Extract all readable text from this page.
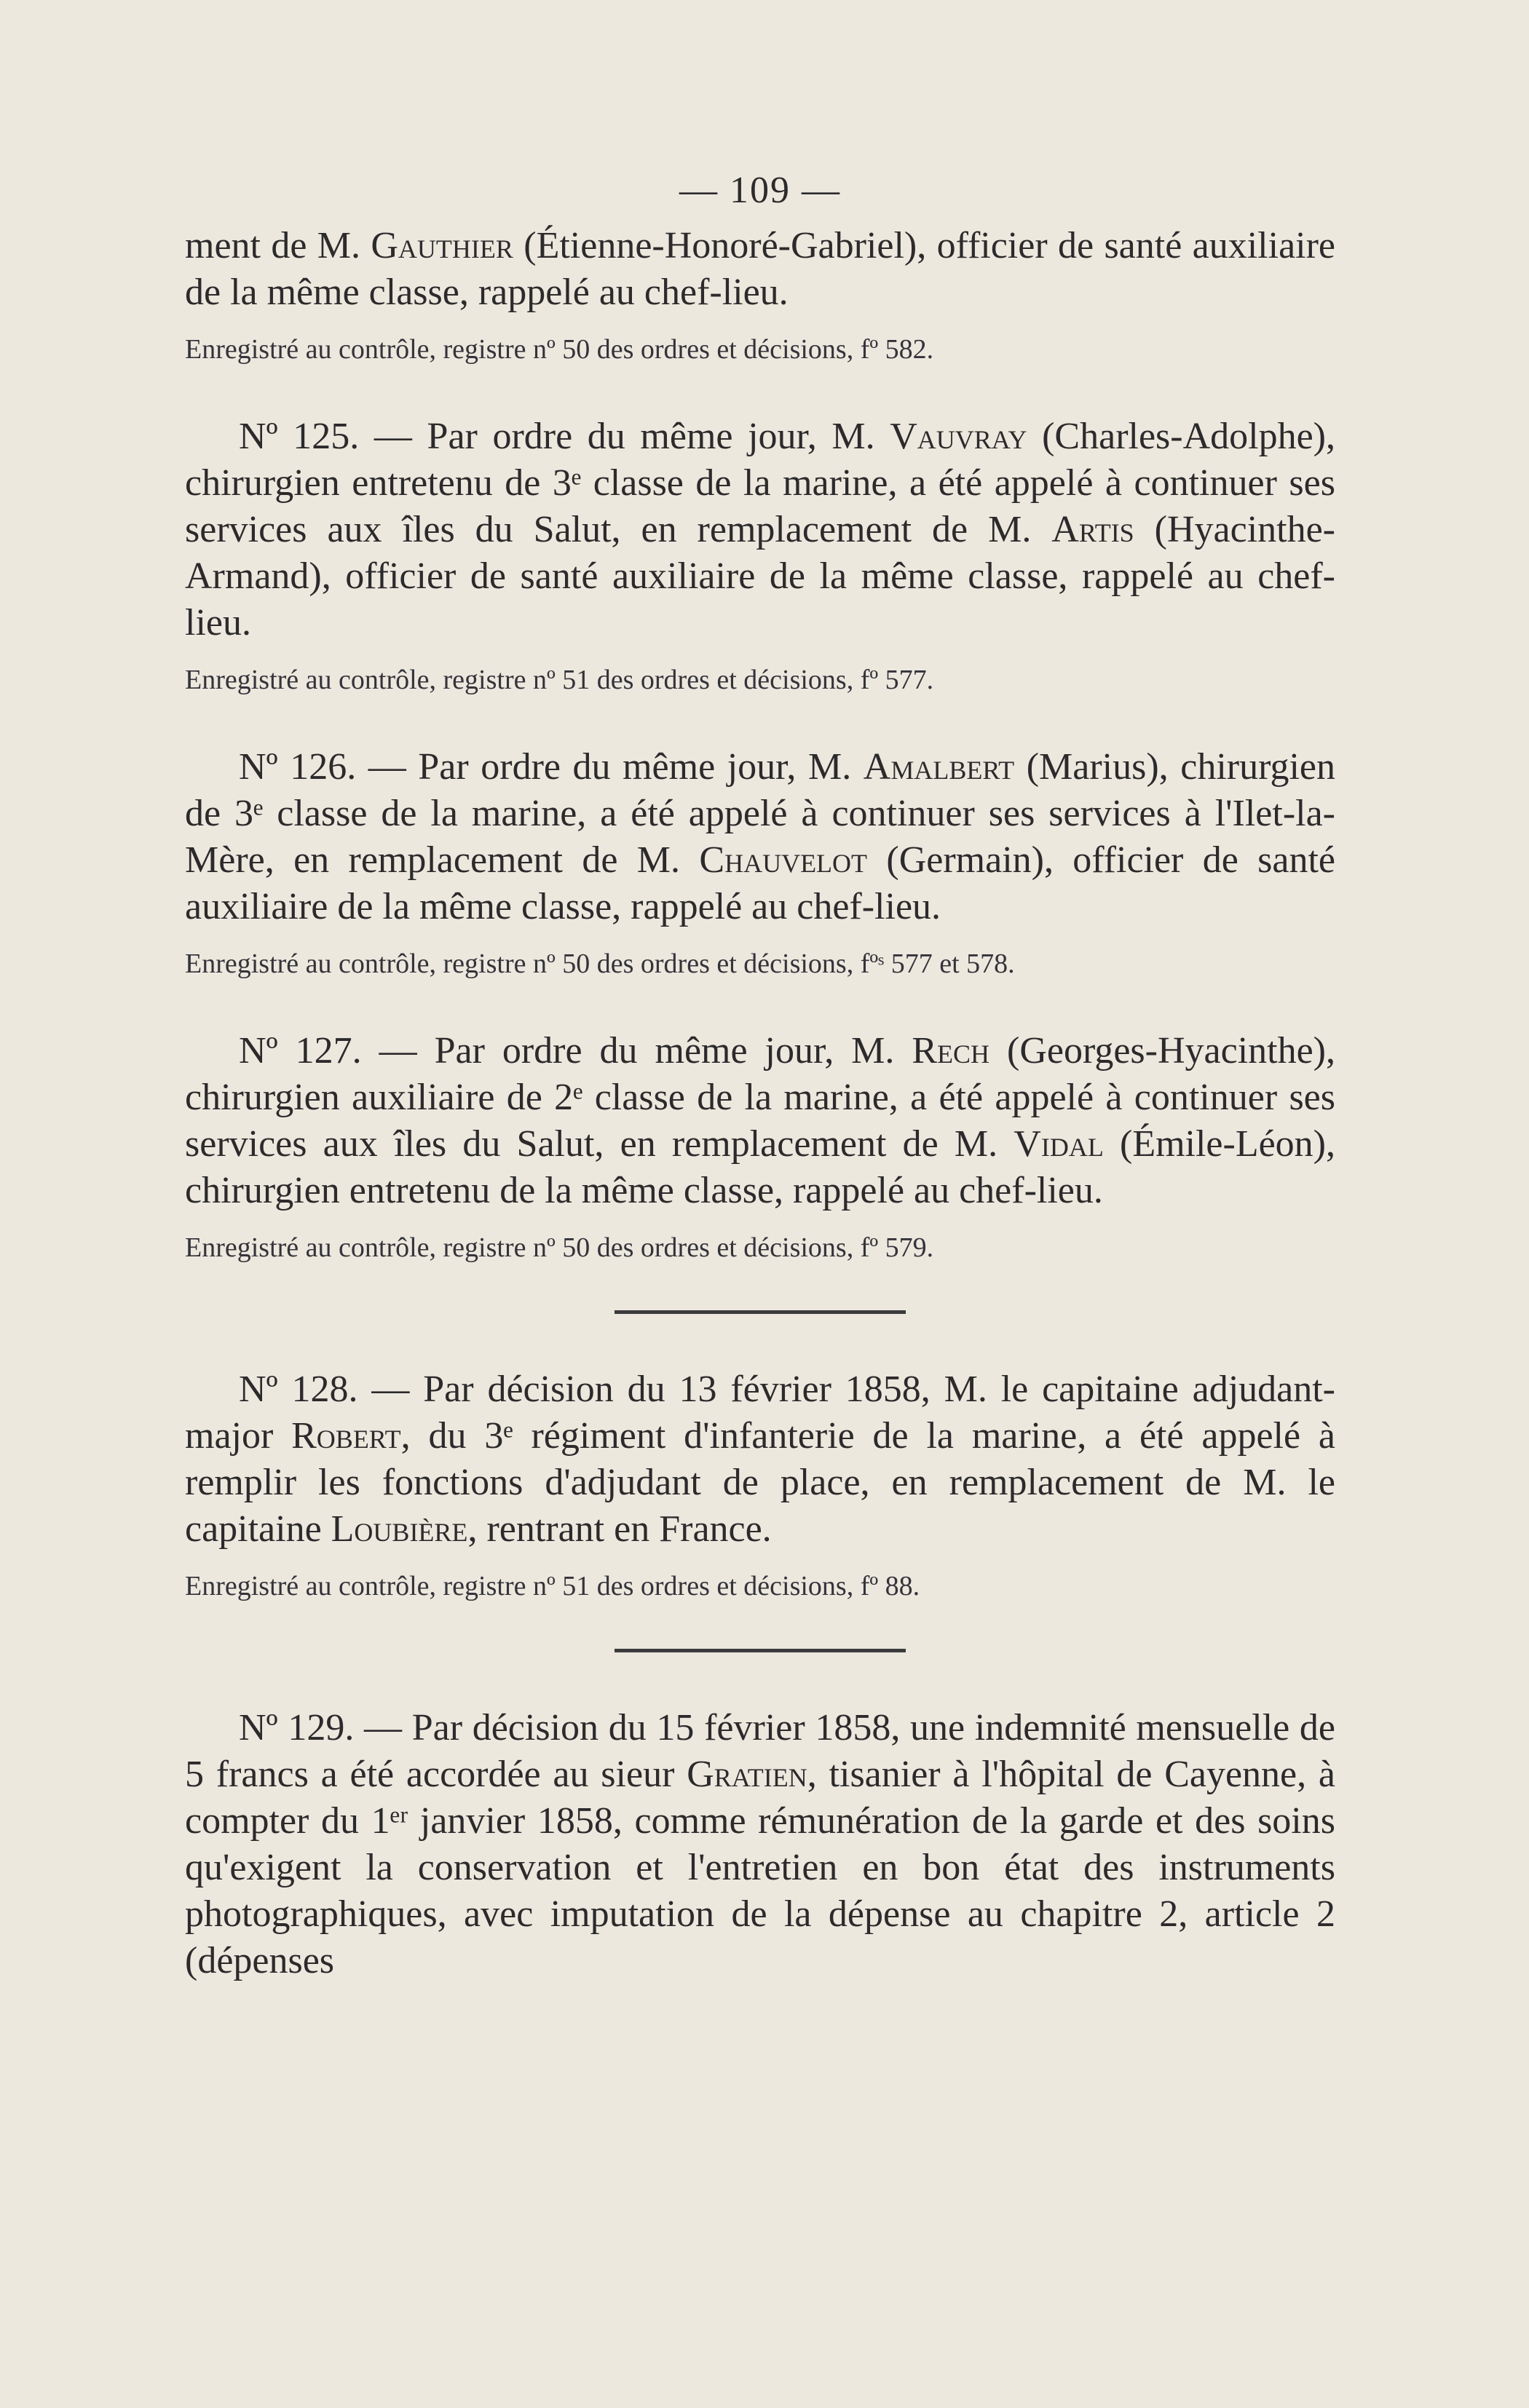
— 109 —

ment de M. Gauthier (Étienne-Honoré-Gabriel), officier de santé auxiliaire de la même classe, rappelé au chef-lieu.

Enregistré au contrôle, registre nº 50 des ordres et décisions, fº 582.

Nº 125. — Par ordre du même jour, M. Vauvray (Charles-Adolphe), chirurgien entretenu de 3ᵉ classe de la marine, a été appelé à continuer ses services aux îles du Salut, en remplacement de M. Artis (Hyacinthe-Armand), officier de santé auxiliaire de la même classe, rappelé au chef-lieu.

Enregistré au contrôle, registre nº 51 des ordres et décisions, fº 577.

Nº 126. — Par ordre du même jour, M. Amalbert (Marius), chirurgien de 3ᵉ classe de la marine, a été appelé à continuer ses services à l'Ilet-la-Mère, en remplacement de M. Chauvelot (Germain), officier de santé auxiliaire de la même classe, rappelé au chef-lieu.

Enregistré au contrôle, registre nº 50 des ordres et décisions, fºˢ 577 et 578.

Nº 127. — Par ordre du même jour, M. Rech (Georges-Hyacinthe), chirurgien auxiliaire de 2ᵉ classe de la marine, a été appelé à continuer ses services aux îles du Salut, en remplacement de M. Vidal (Émile-Léon), chirurgien entretenu de la même classe, rappelé au chef-lieu.

Enregistré au contrôle, registre nº 50 des ordres et décisions, fº 579.

Nº 128. — Par décision du 13 février 1858, M. le capitaine adjudant-major Robert, du 3ᵉ régiment d'infanterie de la marine, a été appelé à remplir les fonctions d'adjudant de place, en remplacement de M. le capitaine Loubière, rentrant en France.

Enregistré au contrôle, registre nº 51 des ordres et décisions, fº 88.

Nº 129. — Par décision du 15 février 1858, une indemnité mensuelle de 5 francs a été accordée au sieur Gratien, tisanier à l'hôpital de Cayenne, à compter du 1ᵉʳ janvier 1858, comme rémunération de la garde et des soins qu'exigent la conservation et l'entretien en bon état des instruments photographiques, avec imputation de la dépense au chapitre 2, article 2 (dépenses
